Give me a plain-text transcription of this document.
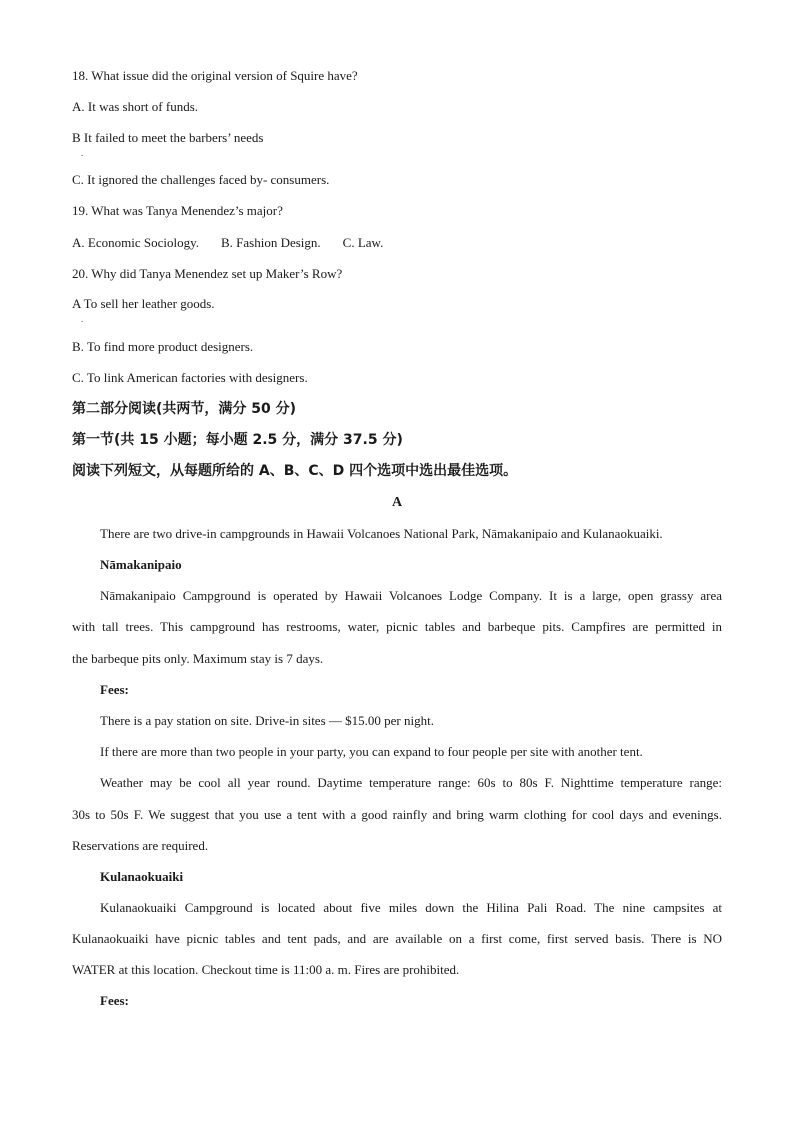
18. What issue did the original version of Squire have?
A. It was short of funds.
B It failed to meet the barbers’ needs
.
C. It ignored the challenges faced by- consumers.
19. What was Tanya Menendez’s major?
A. Economic Sociology. B. Fashion Design. C. Law.
20. Why did Tanya Menendez set up Maker’s Row?
A To sell her leather goods.
.
B. To find more product designers.
C. To link American factories with designers.
第二部分阅读(共两节，满分 50 分)
第一节(共 15 小题；每小题 2.5 分，满分 37.5 分)
阅读下列短文，从每题所给的 A、B、C、D 四个选项中选出最佳选项。
A
There are two drive-in campgrounds in Hawaii Volcanoes National Park, Nāmakanipaio and Kulanaokuaiki.
Nāmakanipaio
Nāmakanipaio Campground is operated by Hawaii Volcanoes Lodge Company. It is a large, open grassy area
with tall trees. This campground has restrooms, water, picnic tables and barbeque pits. Campfires are permitted in
the barbeque pits only. Maximum stay is 7 days.
Fees:
There is a pay station on site. Drive-in sites — $15.00 per night.
If there are more than two people in your party, you can expand to four people per site with another tent.
Weather may be cool all year round. Daytime temperature range: 60s to 80s F. Nighttime temperature range:
30s to 50s F. We suggest that you use a tent with a good rainfly and bring warm clothing for cool days and evenings.
Reservations are required.
Kulanaokuaiki
Kulanaokuaiki Campground is located about five miles down the Hilina Pali Road. The nine campsites at
Kulanaokuaiki have picnic tables and tent pads, and are available on a first come, first served basis. There is NO
WATER at this location. Checkout time is 11:00 a. m. Fires are prohibited.
Fees:
